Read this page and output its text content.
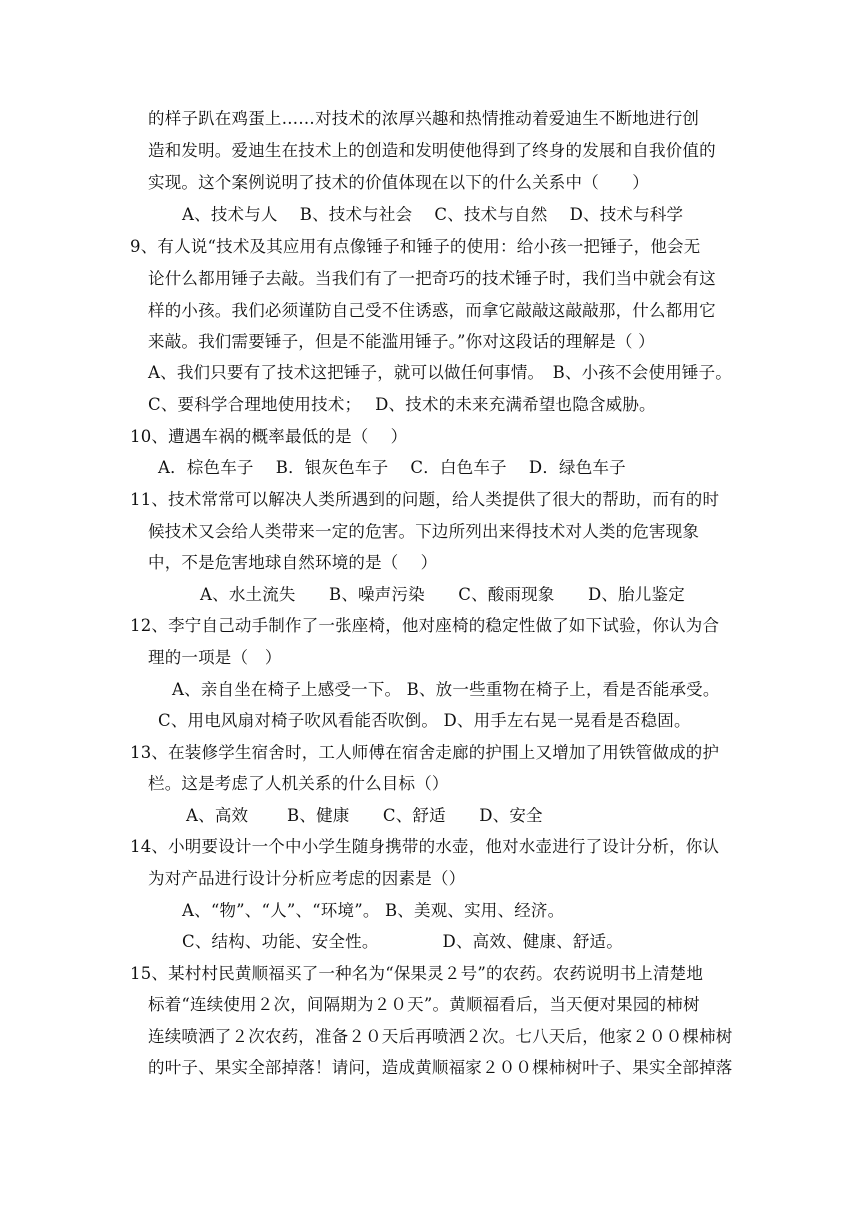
的样子趴在鸡蛋上……对技术的浓厚兴趣和热情推动着爱迪生不断地进行创
造和发明。爱迪生在技术上的创造和发明使他得到了终身的发展和自我价值的
实现。这个案例说明了技术的价值体现在以下的什么关系中（　　）
A、技术与人　 B、技术与社会　 C、技术与自然　 D、技术与科学
9、有人说“技术及其应用有点像锤子和锤子的使用：给小孩一把锤子，他会无
论什么都用锤子去敲。当我们有了一把奇巧的技术锤子时，我们当中就会有这
样的小孩。我们必须谨防自己受不住诱惑，而拿它敲敲这敲敲那，什么都用它
来敲。我们需要锤子，但是不能滥用锤子。”你对这段话的理解是（ ）
A、我们只要有了技术这把锤子，就可以做任何事情。　B、小孩不会使用锤子。
C、要科学合理地使用技术；　 D、技术的未来充满希望也隐含威胁。
10、遭遇车祸的概率最低的是（　 ）
A．棕色车子　 B．银灰色车子　 C．白色车子　 D．绿色车子
11、技术常常可以解决人类所遇到的问题，给人类提供了很大的帮助，而有的时
候技术又会给人类带来一定的危害。下边所列出来得技术对人类的危害现象
中，不是危害地球自然环境的是（　 ）
A、水土流失　　B、噪声污染　　C、酸雨现象　　D、胎儿鉴定
12、李宁自己动手制作了一张座椅，他对座椅的稳定性做了如下试验，你认为合
理的一项是（　）
A、亲自坐在椅子上感受一下。 B、放一些重物在椅子上，看是否能承受。
C、用电风扇对椅子吹风看能否吹倒。 D、用手左右晃一晃看是否稳固。
13、在装修学生宿舍时，工人师傅在宿舍走廊的护围上又增加了用铁管做成的护
栏。这是考虑了人机关系的什么目标（）
A、高效　　 B、健康　　C、舒适　　D、安全
14、小明要设计一个中小学生随身携带的水壶，他对水壶进行了设计分析，你认
为对产品进行设计分析应考虑的因素是（）
A、“物”、“人”、“环境”。 B、美观、实用、经济。
C、结构、功能、安全性。　　　　 D、高效、健康、舒适。
15、某村村民黄顺福买了一种名为“保果灵２号”的农药。农药说明书上清楚地
标着“连续使用２次，间隔期为２０天”。黄顺福看后，当天便对果园的柿树
连续喷洒了２次农药，准备２０天后再喷洒２次。七八天后，他家２００棵柿树
的叶子、果实全部掉落！请问，造成黄顺福家２００棵柿树叶子、果实全部掉落
